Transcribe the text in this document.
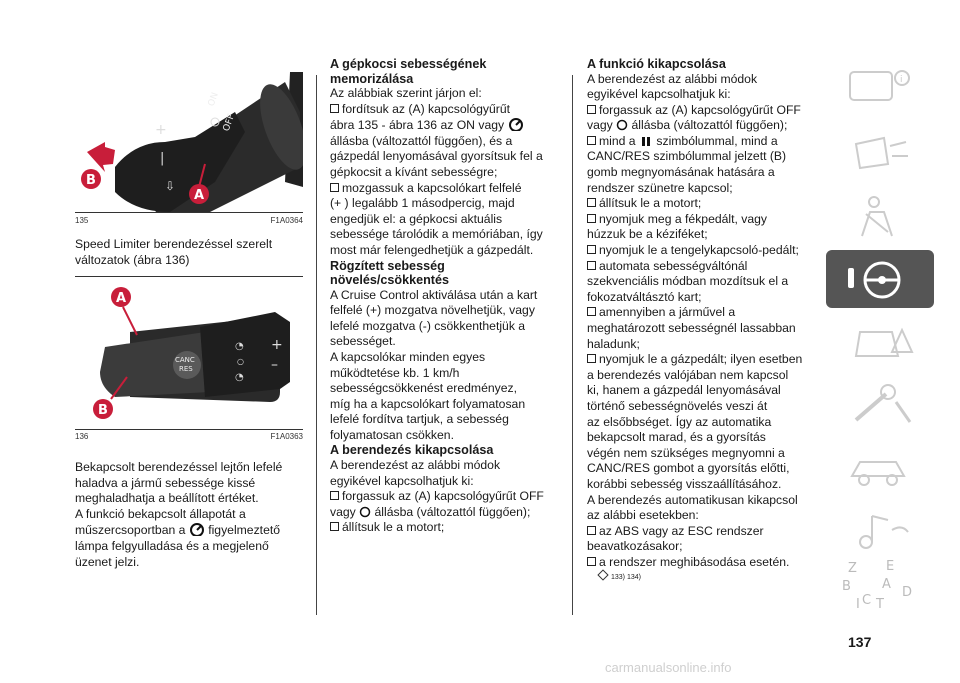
+
|
⇩
ON
OFF
B
A
135	F1A0364

Speed Limiter berendezéssel szerelt

változatok (ábra 136)

CANC
RES
◔
○
◔
+
–
A
B
136	F1A0363

Bekapcsolt berendezéssel lejtőn lefelé

haladva a jármű sebessége kissé

meghaladhatja a beállított értéket.

A funkció bekapcsolt állapotát a

műszercsoportban a figyelmeztető

lámpa felgyulladása és a megjelenő

üzenet jelzi.

A gépkocsi sebességének
memorizálása

Az alábbiak szerint járjon el:

fordítsuk az (A) kapcsológyűrűt

ábra 135 - ábra 136 az ON vagy

állásba (változattól függően), és a

gázpedál lenyomásával gyorsítsuk fel a

gépkocsit a kívánt sebességre;

mozgassuk a kapcsolókart felfelé

(+ ) legalább 1 másodpercig, majd

engedjük el: a gépkocsi aktuális

sebessége tárolódik a memóriában, így

most már felengedhetjük a gázpedált.

Rögzített sebesség
növelés/csökkentés

A Cruise Control aktiválása után a kart

felfelé (+) mozgatva növelhetjük, vagy

lefelé mozgatva (-) csökkenthetjük a

sebességet.

A kapcsolókar minden egyes

működtetése kb. 1 km/h

sebességcsökkenést eredményez,

míg ha a kapcsolókart folyamatosan

lefelé fordítva tartjuk, a sebesség

folyamatosan csökken.

A berendezés kikapcsolása

A berendezést az alábbi módok

egyikével kapcsolhatjuk ki:

forgassuk az (A) kapcsológyűrűt OFF

vagy állásba (változattól függően);

állítsuk le a motort;

A funkció kikapcsolása

A berendezést az alábbi módok

egyikével kapcsolhatjuk ki:

forgassuk az (A) kapcsológyűrűt OFF

vagy állásba (változattól függően);

mind a szimbólummal, mind a

CANC/RES szimbólummal jelzett (B)

gomb megnyomásának hatására a

rendszer szünetre kapcsol;

állítsuk le a motort;

nyomjuk meg a fékpedált, vagy

húzzuk be a kéziféket;

nyomjuk le a tengelykapcsoló-pedált;

automata sebességváltónál

szekvenciális módban mozdítsuk el a

fokozatváltásztó kart;

amennyiben a járművel a

meghatározott sebességnél lassabban

haladunk;

nyomjuk le a gázpedált; ilyen esetben

a berendezés valójában nem kapcsol

ki, hanem a gázpedál lenyomásával

történő sebességnövelés veszi át

az elsőbbséget. Így az automatika

bekapcsolt marad, és a gyorsítás

végén nem szükséges megnyomni a

CANC/RES gombot a gyorsítás előtti,

korábbi sebesség visszaállításához.

A berendezés automatikusan kikapcsol

az alábbi esetekben:

az ABS vagy az ESC rendszer

beavatkozásakor;

a rendszer meghibásodása esetén.

133) 134)

i
Z E
B A
C
D
I T
137
carmanualsonline.info
